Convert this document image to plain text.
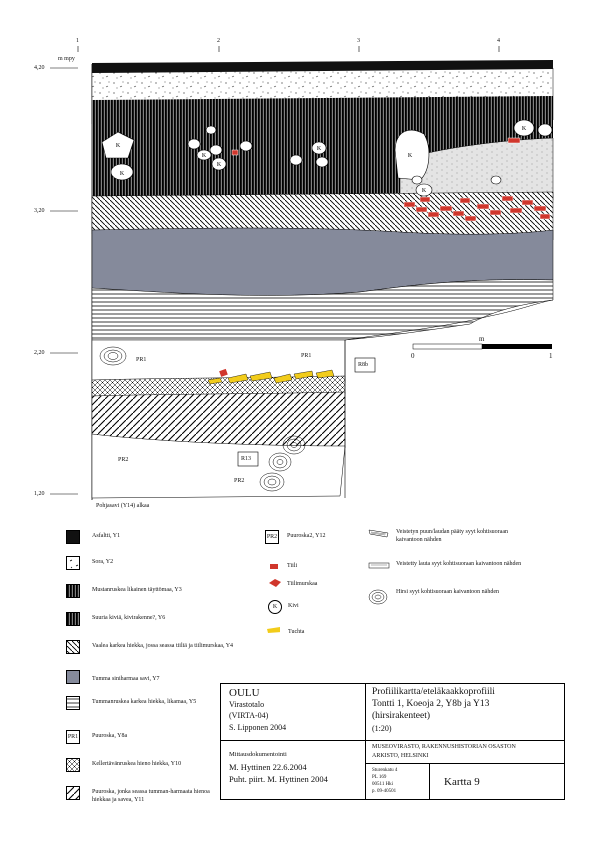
K
K
K
K
K
K
K
K
1	2	3	4
m mpy
4,20
3,20
2,20
1,20
m
0	1
PR1
PR1
R8b
PR2	R13
PR2
Pohjasavi (Y14) alkaa
Asfaltti, Y1
Sora, Y2
Mustanruskea likainen täyttömaa, Y3
Suuria kiviä, kivirakenne?, Y6
Vaalea karkea hiekka, jossa seassa tiiliä ja tiilimurskaa, Y4
Tumma siniharmaa savi, Y7
Tummanruskea karkea hiekka, likamaa, Y5
PR1	Puuroska, Y8a
Kellertävänruskea hieno hiekka, Y10
Puuroska, jonka seassa tumman-harmaata hienoa hiekkaa ja savea, Y11
PR2	Puuroska2, Y12
Tiili
Tiilimurskaa
K	Kivi
Tuchta
Veistetyn puun/laudan pääty syyt kohtisuoraan kaivantoon nähden
Veistetty lauta syyt kohtisuoraan kaivantoon nähden
Hirsi syyt kohtisuoraan kaivantoon nähden
OULU
Virastotalo
(VIRTA-04)
S. Lipponen 2004
Profiilikartta/eteläkaakkoprofiili
Tontti 1, Koeoja 2, Y8b ja Y13
(hirsirakenteet)
(1:20)
Mittausdokumentointi
M. Hyttinen 22.6.2004
Puht. piirt. M. Hyttinen 2004
MUSEOVIRASTO, RAKENNUSHISTORIAN OSASTON
ARKISTO, HELSINKI
Sturenkatu 4
PL 169
00511 Hki
p. 09-40501
Kartta 9
